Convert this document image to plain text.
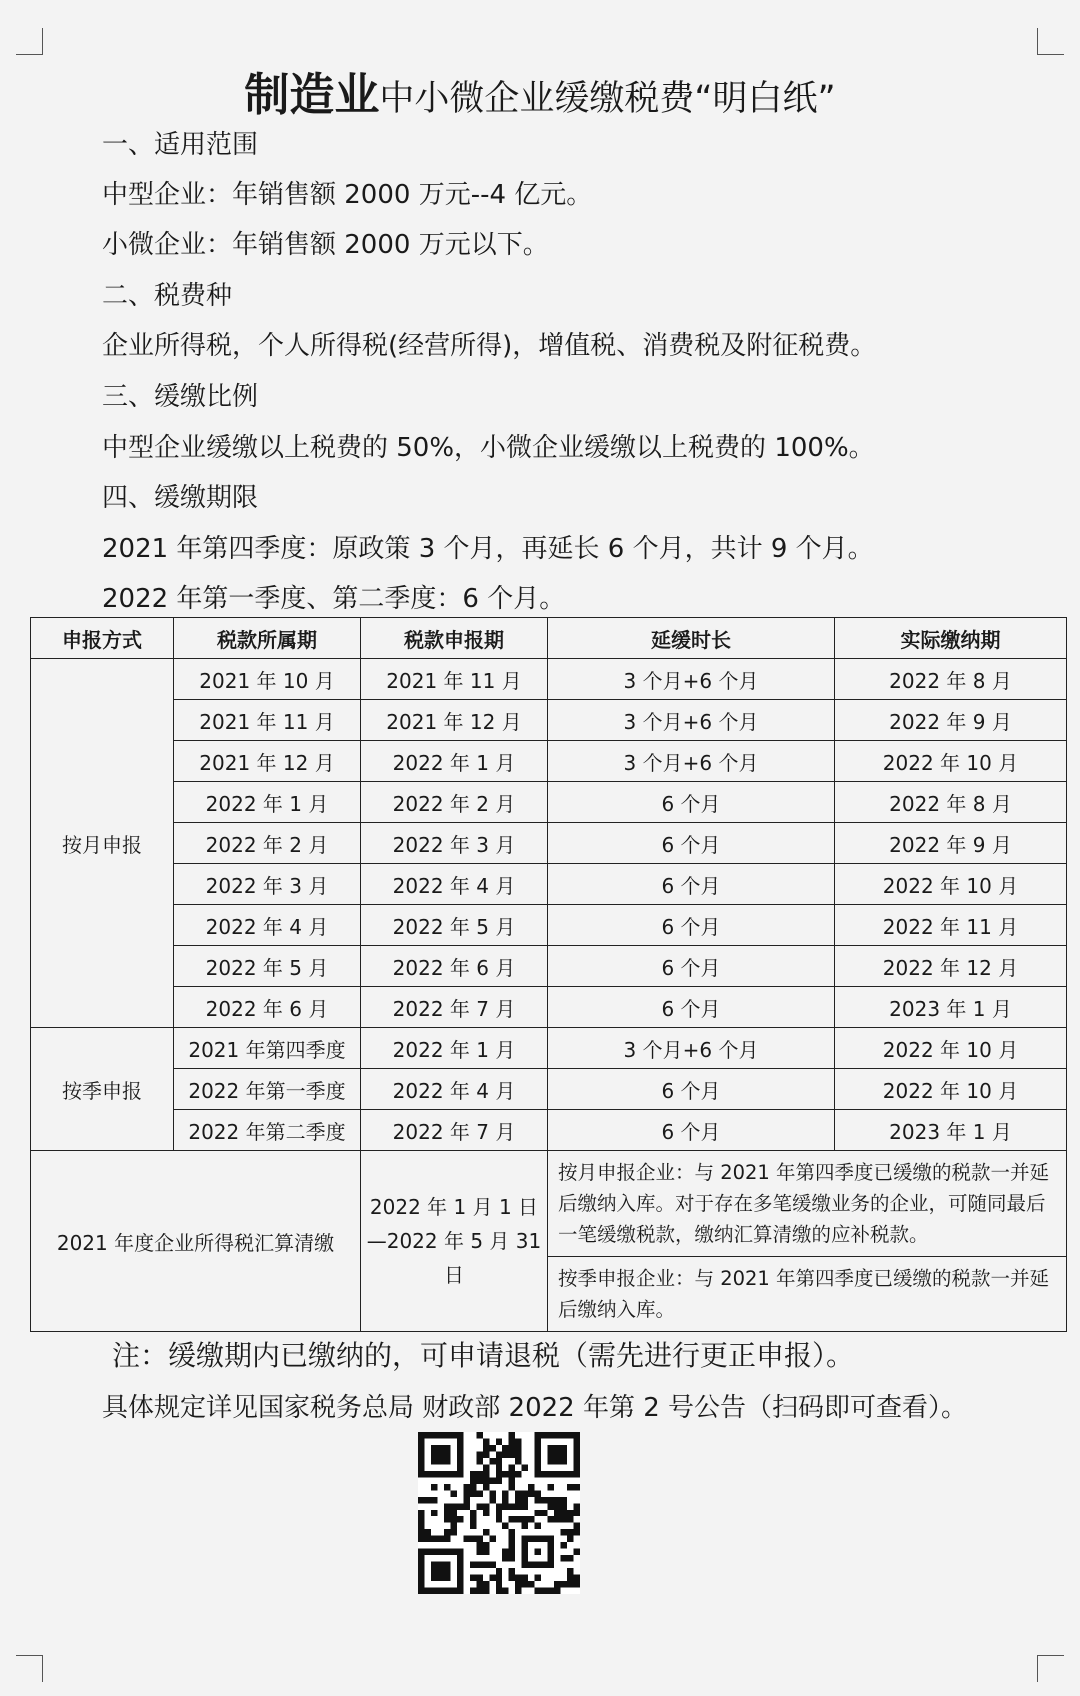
制造业中小微企业缓缴税费“明白纸”
一、适用范围
中型企业：年销售额 2000 万元--4 亿元。
小微企业：年销售额 2000 万元以下。
二、税费种
企业所得税，个人所得税(经营所得)，增值税、消费税及附征税费。
三、缓缴比例
中型企业缓缴以上税费的 50%，小微企业缓缴以上税费的 100%。
四、缓缴期限
2021 年第四季度：原政策 3 个月，再延长 6 个月，共计 9 个月。
2022 年第一季度、第二季度：6 个月。
申报方式	税款所属期	税款申报期	延缓时长	实际缴纳期
按月申报	2021 年 10 月	2021 年 11 月	3 个月+6 个月	2022 年 8 月
	2021 年 11 月	2021 年 12 月	3 个月+6 个月	2022 年 9 月
	2021 年 12 月	2022 年 1 月	3 个月+6 个月	2022 年 10 月
	2022 年 1 月	2022 年 2 月	6 个月	2022 年 8 月
	2022 年 2 月	2022 年 3 月	6 个月	2022 年 9 月
	2022 年 3 月	2022 年 4 月	6 个月	2022 年 10 月
	2022 年 4 月	2022 年 5 月	6 个月	2022 年 11 月
	2022 年 5 月	2022 年 6 月	6 个月	2022 年 12 月
	2022 年 6 月	2022 年 7 月	6 个月	2023 年 1 月
按季申报	2021 年第四季度	2022 年 1 月	3 个月+6 个月	2022 年 10 月
	2022 年第一季度	2022 年 4 月	6 个月	2022 年 10 月
	2022 年第二季度	2022 年 7 月	6 个月	2023 年 1 月
2021 年度企业所得税汇算清缴		2022 年 1 月 1 日—2022 年 5 月 31 日	按月申报企业：与 2021 年第四季度已缓缴的税款一并延后缴纳入库。对于存在多笔缓缴业务的企业，可随同最后一笔缓缴税款，缴纳汇算清缴的应补税款。
按季申报企业：与 2021 年第四季度已缓缴的税款一并延后缴纳入库。	
注：缓缴期内已缴纳的，可申请退税（需先进行更正申报）。
具体规定详见国家税务总局 财政部 2022 年第 2 号公告（扫码即可查看）。
